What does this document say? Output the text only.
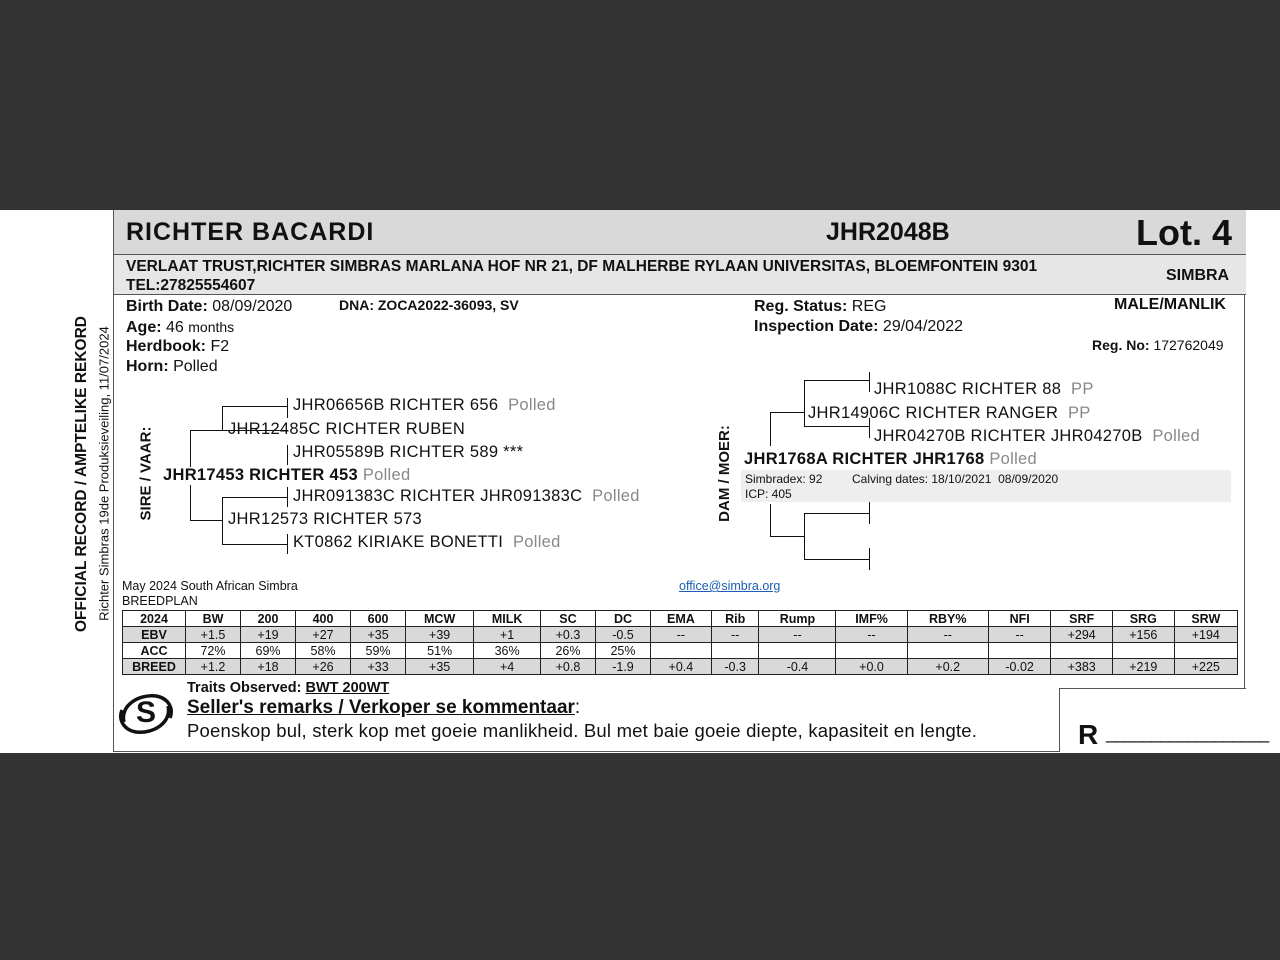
OFFICIAL RECORD / AMPTELIKE REKORD Richter Simbras 19de Produksieveiling, 11/07/2024
RICHTER BACARDI	JHR2048B	Lot. 4
VERLAAT TRUST,RICHTER SIMBRAS MARLANA HOF NR 21, DF MALHERBE RYLAAN UNIVERSITAS, BLOEMFONTEIN 9301 TEL:27825554607
SIMBRA
Birth Date: 08/09/2020	DNA: ZOCA2022-36093, SV
Age: 46 months
Herdbook: F2
Horn: Polled
Reg. Status: REG
Inspection Date: 29/04/2022
MALE/MANLIK
Reg. No: 172762049
SIRE / VAAR:
JHR06656B RICHTER 656 Polled
JHR12485C RICHTER RUBEN
JHR05589B RICHTER 589 ***
JHR17453 RICHTER 453 Polled
JHR091383C RICHTER JHR091383C Polled
JHR12573 RICHTER 573
KT0862 KIRIAKE BONETTI Polled
DAM / MOER:
JHR1088C RICHTER 88 PP
JHR14906C RICHTER RANGER PP
JHR04270B RICHTER JHR04270B Polled
JHR1768A RICHTER JHR1768 Polled
Simbradex: 92 Calving dates: 18/10/2021  08/09/2020
ICP: 405
May 2024 South African Simbra
BREEDPLAN
office@simbra.org
2024	BW	200	400	600	MCW	MILK	SC	DC	EMA	Rib	Rump	IMF%	RBY%	NFI	SRF	SRG	SRW
EBV	+1.5	+19	+27	+35	+39	+1	+0.3	-0.5	--	--	--	--	--	--	+294	+156	+194
ACC	72%	69%	58%	59%	51%	36%	26%	25%									
BREED	+1.2	+18	+26	+33	+35	+4	+0.8	-1.9	+0.4	-0.3	-0.4	+0.0	+0.2	-0.02	+383	+219	+225
S
Traits Observed: BWT 200WT
Seller's remarks / Verkoper se kommentaar:
Poenskop bul, sterk kop met goeie manlikheid. Bul met baie goeie diepte, kapasiteit en lengte.	R __________________
